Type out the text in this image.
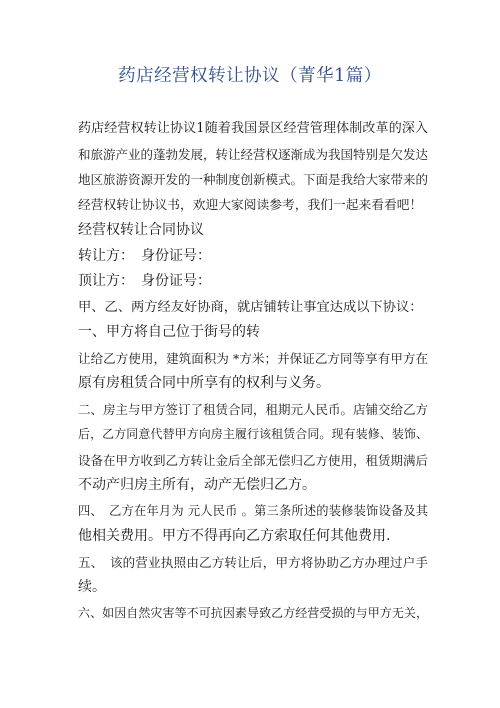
药店经营权转让协议（菁华1篇）
药店经营权转让协议1随着我国景区经营管理体制改革的深入
和旅游产业的蓬勃发展，转让经营权逐渐成为我国特别是欠发达
地区旅游资源开发的一种制度创新模式。下面是我给大家带来的
经营权转让协议书，欢迎大家阅读参考，我们一起来看看吧！
经营权转让合同协议
转让方：　身份证号：
顶让方：　身份证号：
甲、乙、两方经友好协商，就店铺转让事宜达成以下协议：
一、甲方将自己位于街号的转
让给乙方使用，建筑面积为 *方米；并保证乙方同等享有甲方在
原有房租赁合同中所享有的权利与义务。
二、房主与甲方签订了租赁合同，租期元人民币。店铺交给乙方
后，乙方同意代替甲方向房主履行该租赁合同。现有装修、装饰、
设备在甲方收到乙方转让金后全部无偿归乙方使用，租赁期满后
不动产归房主所有，动产无偿归乙方。
四、　乙方在年月为 元人民币 。第三条所述的装修装饰设备及其
他相关费用。甲方不得再向乙方索取任何其他费用.
五、　该的营业执照由乙方转让后，甲方将协助乙方办理过户手
续。
六、如因自然灾害等不可抗因素导致乙方经营受损的与甲方无关，
